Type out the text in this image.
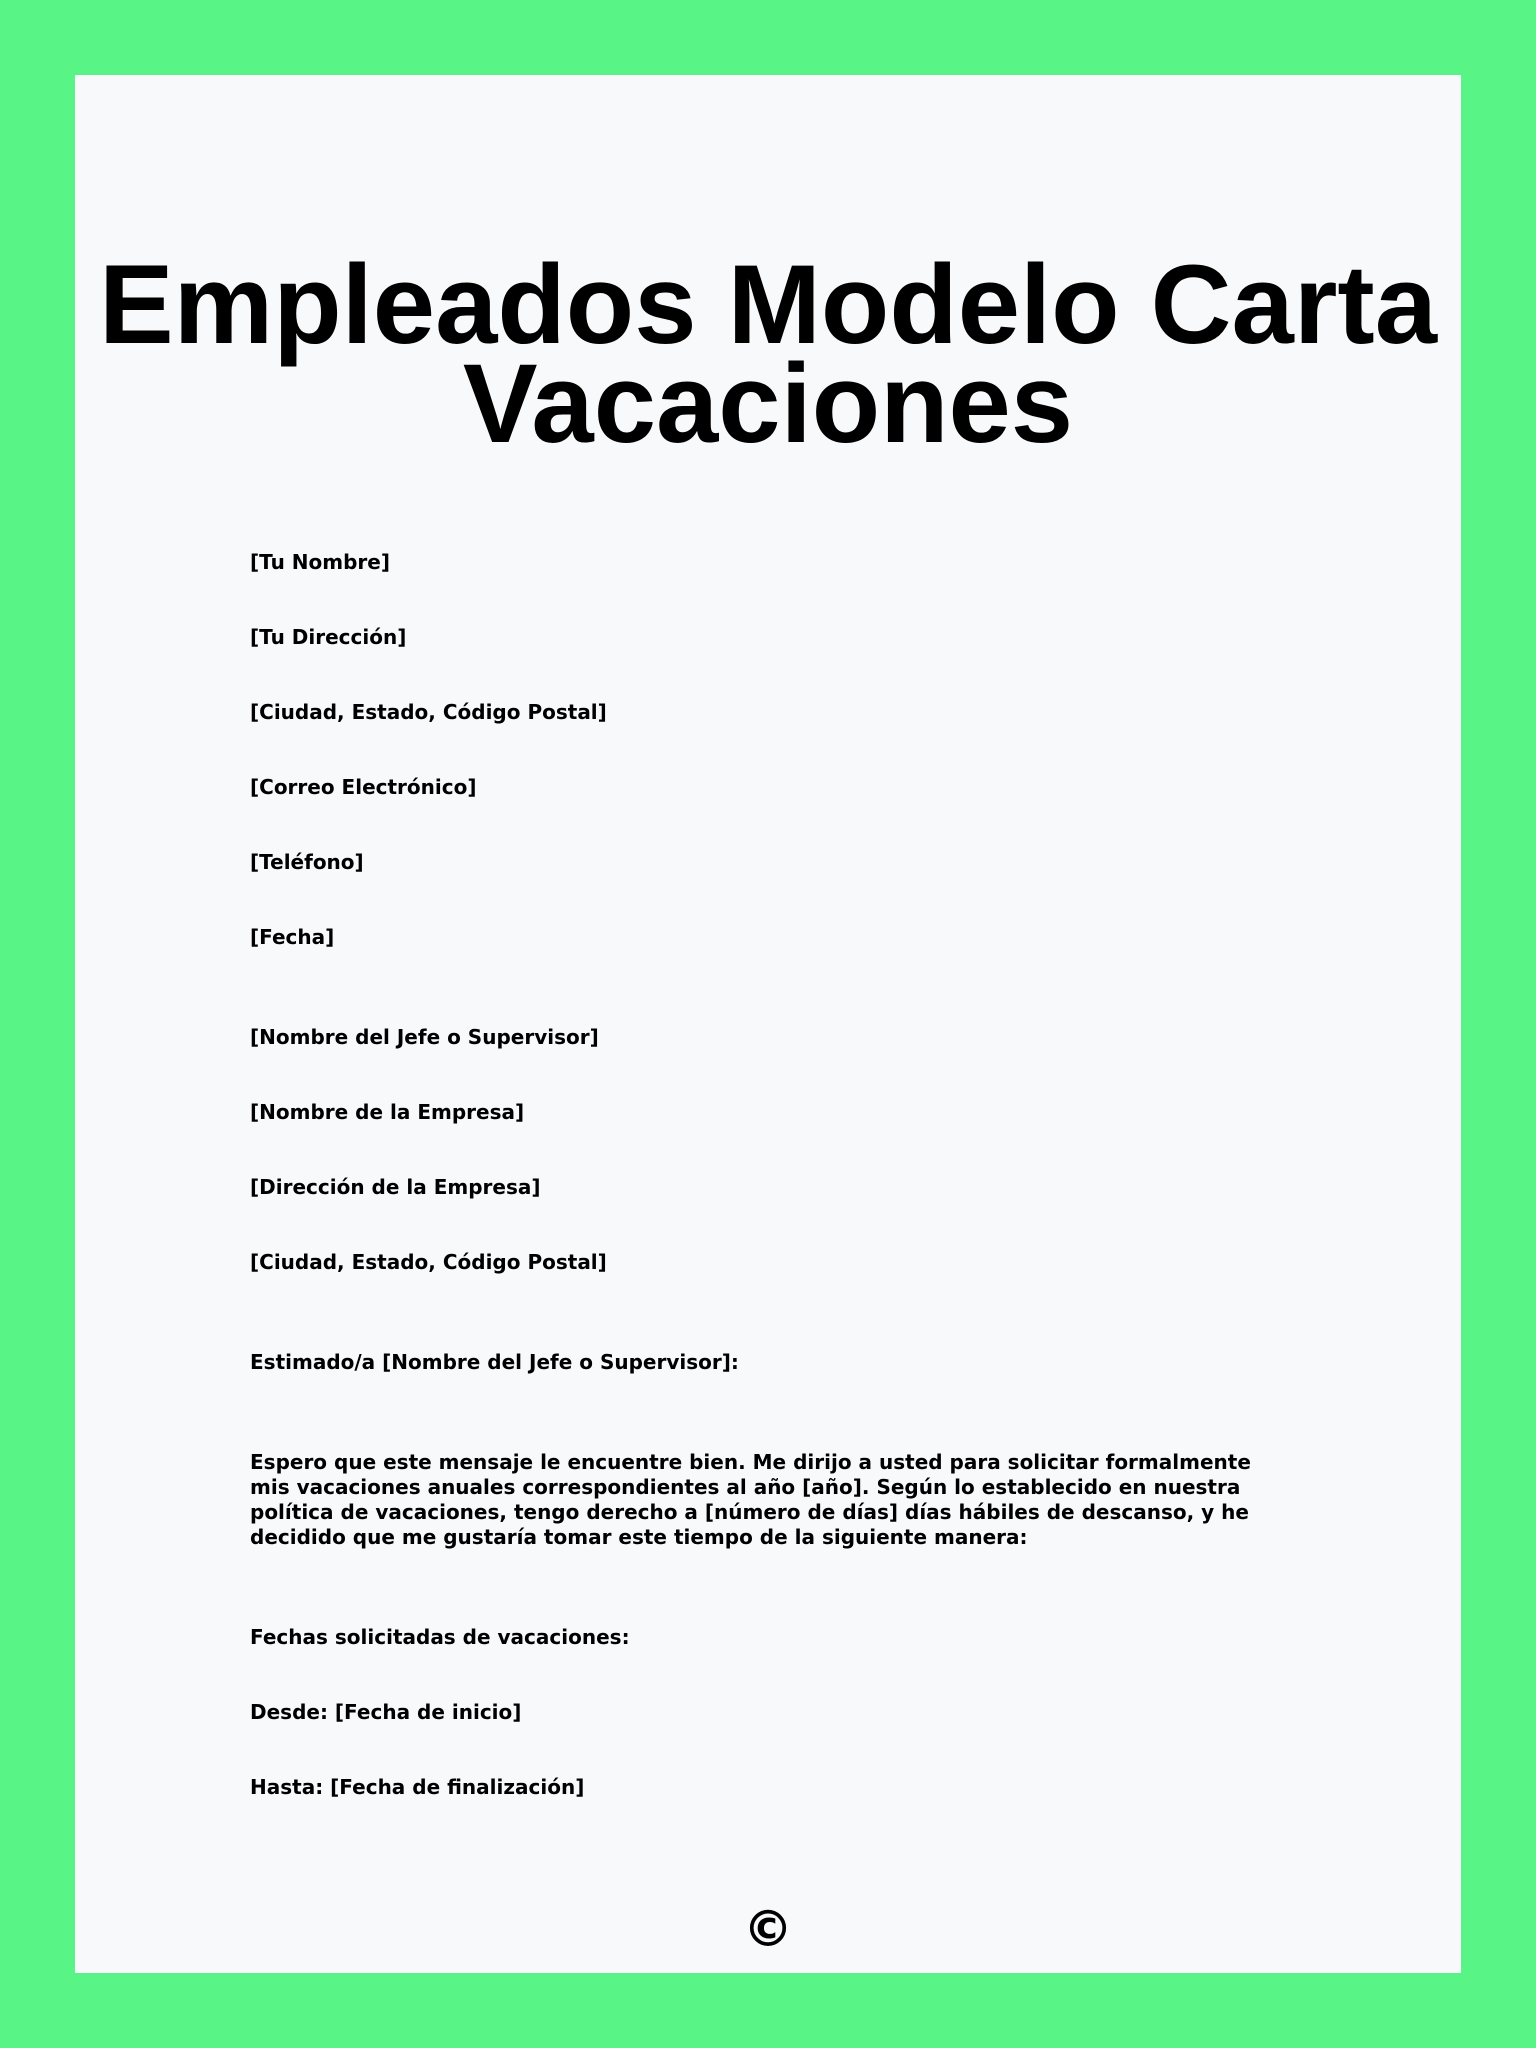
Empleados Modelo Carta
Vacaciones
[Tu Nombre]
[Tu Dirección]
[Ciudad, Estado, Código Postal]
[Correo Electrónico]
[Teléfono]
[Fecha]
[Nombre del Jefe o Supervisor]
[Nombre de la Empresa]
[Dirección de la Empresa]
[Ciudad, Estado, Código Postal]
Estimado/a [Nombre del Jefe o Supervisor]:
Espero que este mensaje le encuentre bien. Me dirijo a usted para solicitar formalmente mis vacaciones anuales correspondientes al año [año]. Según lo establecido en nuestra política de vacaciones, tengo derecho a [número de días] días hábiles de descanso, y he decidido que me gustaría tomar este tiempo de la siguiente manera:
Fechas solicitadas de vacaciones:
Desde: [Fecha de inicio]
Hasta: [Fecha de finalización]
©
